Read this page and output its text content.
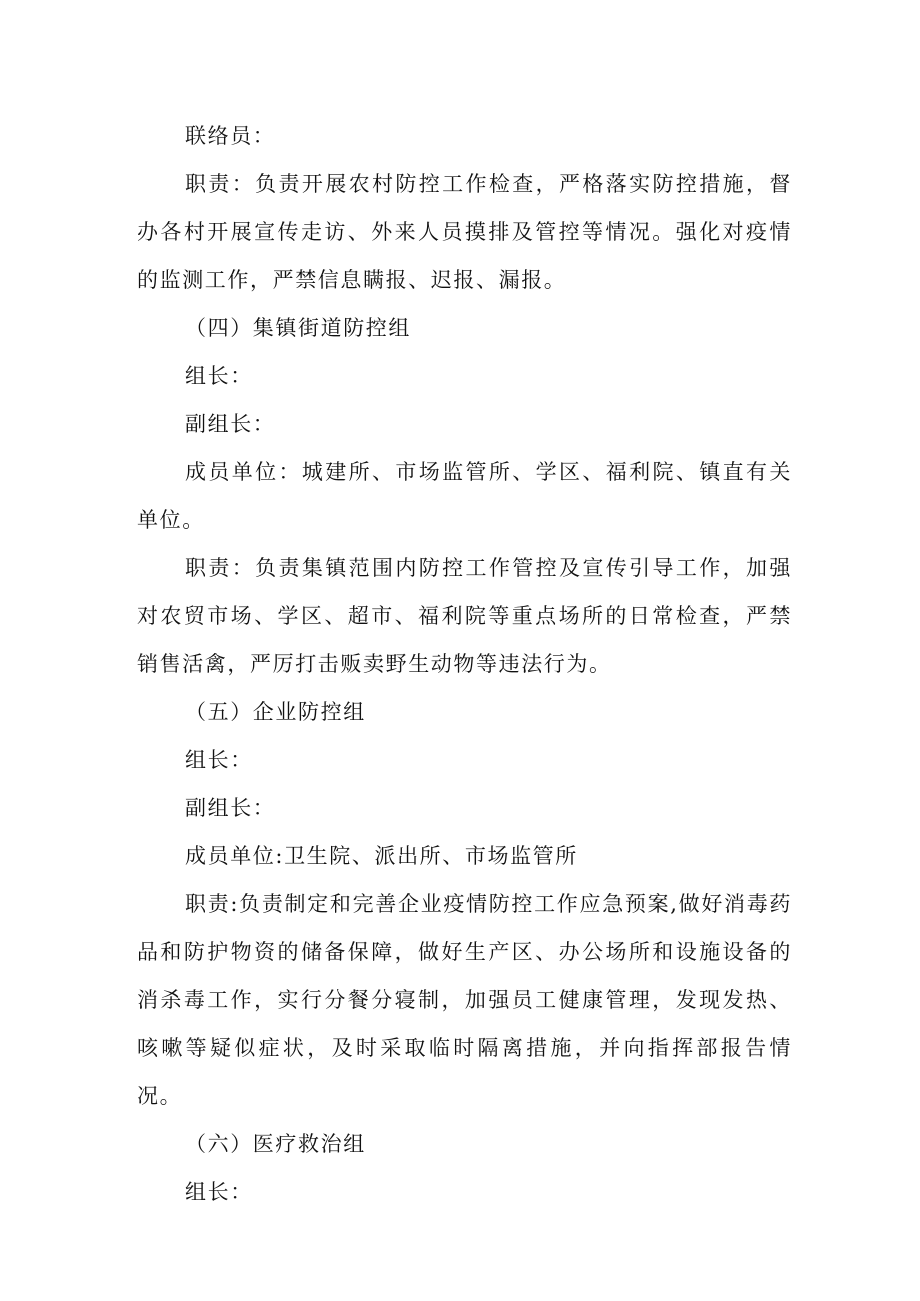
联络员：

职责：负责开展农村防控工作检查，严格落实防控措施，督办各村开展宣传走访、外来人员摸排及管控等情况。强化对疫情的监测工作，严禁信息瞒报、迟报、漏报。

（四）集镇街道防控组

组长：

副组长：

成员单位：城建所、市场监管所、学区、福利院、镇直有关单位。

职责：负责集镇范围内防控工作管控及宣传引导工作，加强对农贸市场、学区、超市、福利院等重点场所的日常检查，严禁销售活禽，严厉打击贩卖野生动物等违法行为。

（五）企业防控组

组长：

副组长：

成员单位:卫生院、派出所、市场监管所

职责:负责制定和完善企业疫情防控工作应急预案,做好消毒药品和防护物资的储备保障，做好生产区、办公场所和设施设备的消杀毒工作，实行分餐分寝制，加强员工健康管理，发现发热、咳嗽等疑似症状，及时采取临时隔离措施，并向指挥部报告情况。

（六）医疗救治组

组长：
